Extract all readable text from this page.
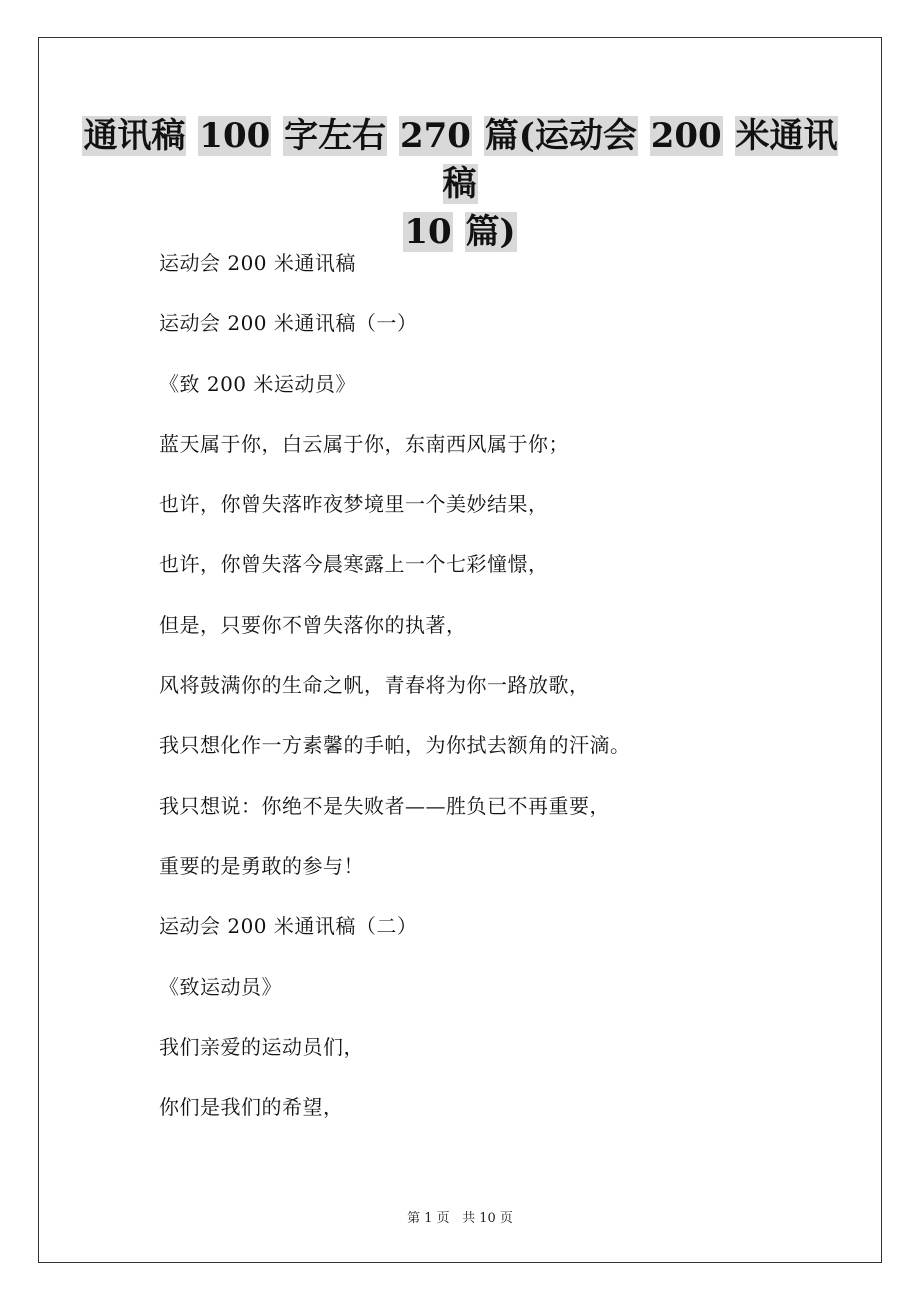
通讯稿 100 字左右 270 篇(运动会 200 米通讯稿
10 篇)
运动会 200 米通讯稿
运动会 200 米通讯稿（一）
《致 200 米运动员》
蓝天属于你，白云属于你，东南西风属于你；
也许，你曾失落昨夜梦境里一个美妙结果，
也许，你曾失落今晨寒露上一个七彩憧憬，
但是，只要你不曾失落你的执著，
风将鼓满你的生命之帆，青春将为你一路放歌，
我只想化作一方素馨的手帕，为你拭去额角的汗滴。
我只想说：你绝不是失败者——胜负已不再重要，
重要的是勇敢的参与！
运动会 200 米通讯稿（二）
《致运动员》
我们亲爱的运动员们，
你们是我们的希望，
第 1 页 共 10 页
